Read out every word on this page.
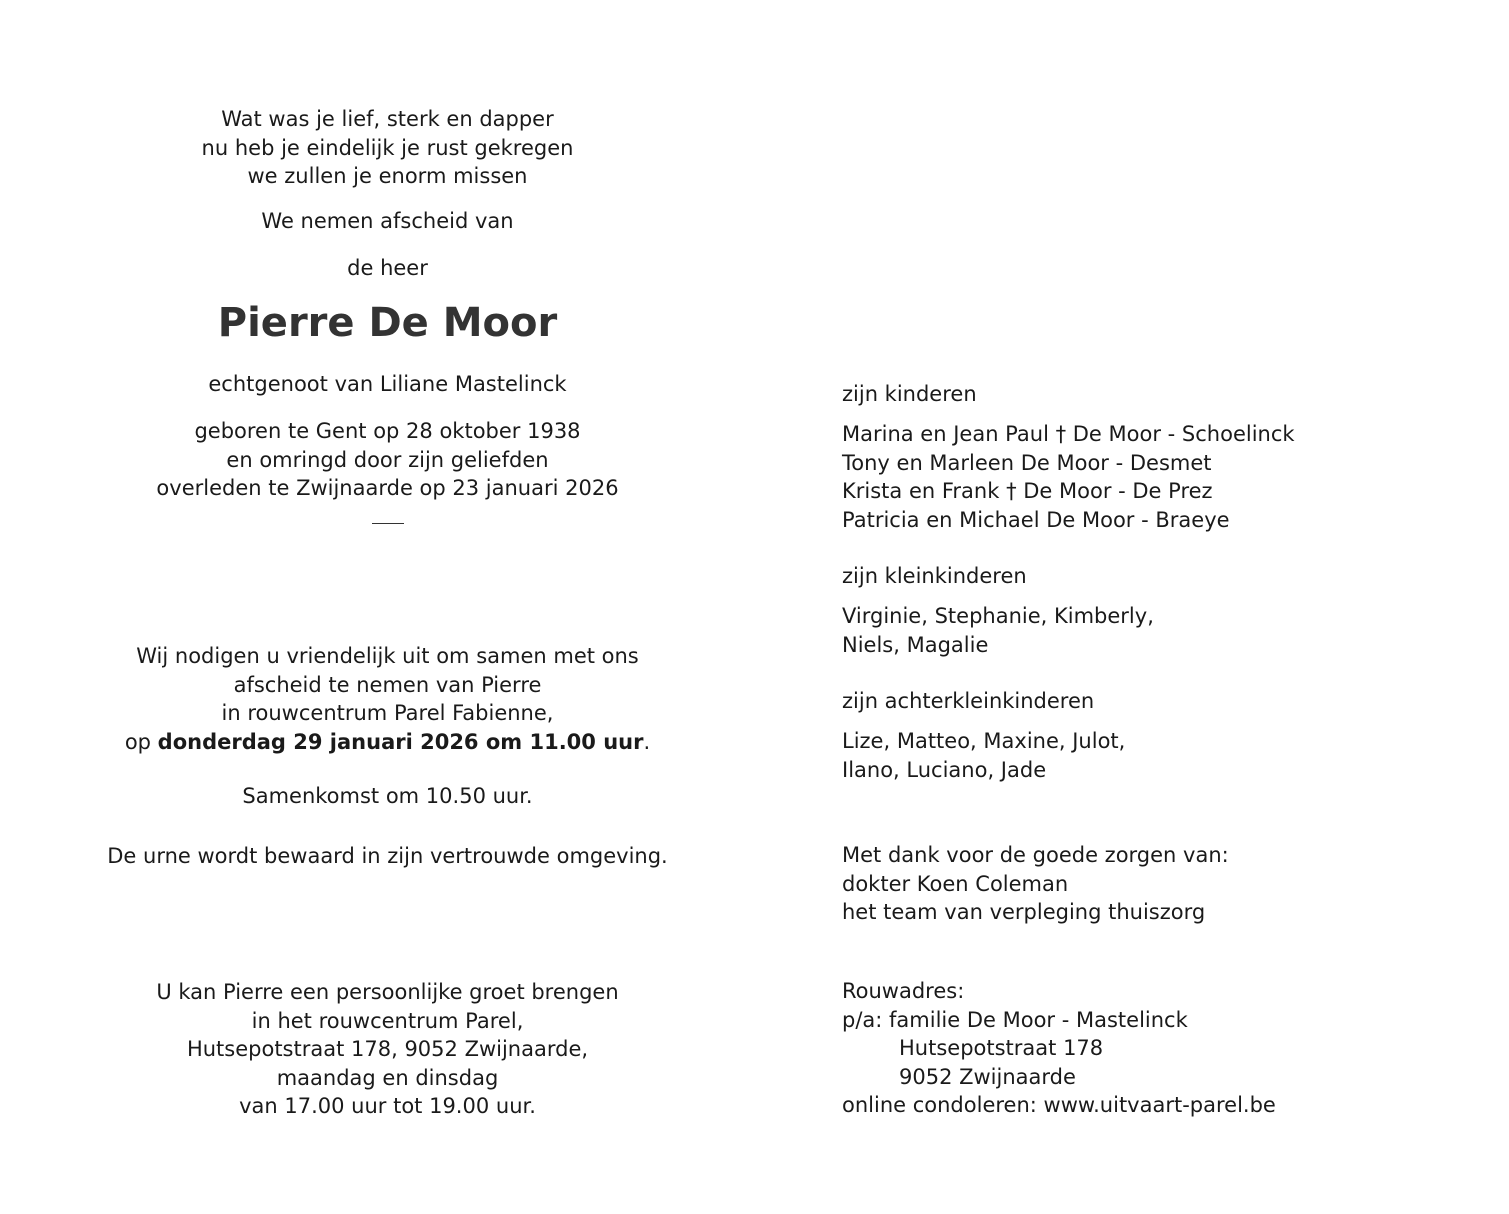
Wat was je lief, sterk en dapper
nu heb je eindelijk je rust gekregen
we zullen je enorm missen
We nemen afscheid van
de heer
Pierre De Moor
echtgenoot van Liliane Mastelinck
geboren te Gent op 28 oktober 1938
en omringd door zijn geliefden
overleden te Zwijnaarde op 23 januari 2026
Wij nodigen u vriendelijk uit om samen met ons
afscheid te nemen van Pierre
in rouwcentrum Parel Fabienne,
op donderdag 29 januari 2026 om 11.00 uur.
Samenkomst om 10.50 uur.
De urne wordt bewaard in zijn vertrouwde omgeving.
U kan Pierre een persoonlijke groet brengen
in het rouwcentrum Parel,
Hutsepotstraat 178, 9052 Zwijnaarde,
maandag en dinsdag
van 17.00 uur tot 19.00 uur.
zijn kinderen
Marina en Jean Paul † De Moor - Schoelinck
Tony en Marleen De Moor - Desmet
Krista en Frank † De Moor - De Prez
Patricia en Michael De Moor - Braeye
zijn kleinkinderen
Virginie, Stephanie, Kimberly,
Niels, Magalie
zijn achterkleinkinderen
Lize, Matteo, Maxine, Julot,
Ilano, Luciano, Jade
Met dank voor de goede zorgen van:
dokter Koen Coleman
het team van verpleging thuiszorg
Rouwadres:
p/a: familie De Moor - Mastelinck
Hutsepotstraat 178
9052 Zwijnaarde
online condoleren: www.uitvaart-parel.be
